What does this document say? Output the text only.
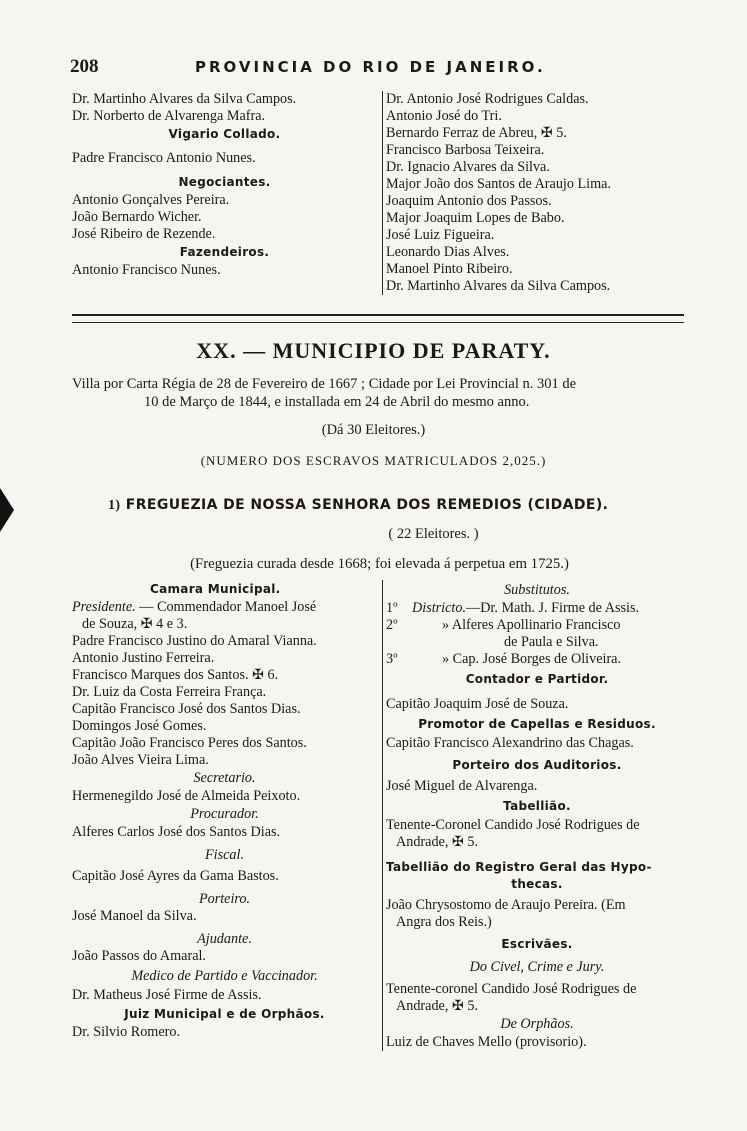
208	PROVINCIA DO RIO DE JANEIRO.
Dr. Martinho Alvares da Silva Campos.
Dr. Norberto de Alvarenga Mafra.
Vigario Collado.
Padre Francisco Antonio Nunes.
Negociantes.
Antonio Gonçalves Pereira.
João Bernardo Wicher.
José Ribeiro de Rezende.
Fazendeiros.
Antonio Francisco Nunes.
Dr. Antonio José Rodrigues Caldas.
Antonio José do Tri.
Bernardo Ferraz de Abreu, ✠ 5.
Francisco Barbosa Teixeira.
Dr. Ignacio Alvares da Silva.
Major João dos Santos de Araujo Lima.
Joaquim Antonio dos Passos.
Major Joaquim Lopes de Babo.
José Luiz Figueira.
Leonardo Dias Alves.
Manoel Pinto Ribeiro.
Dr. Martinho Alvares da Silva Campos.
XX. — MUNICIPIO DE PARATY.
Villa por Carta Régia de 28 de Fevereiro de 1667 ; Cidade por Lei Provincial n. 301 de
10 de Março de 1844, e installada em 24 de Abril do mesmo anno.
(Dá 30 Eleitores.)
(NUMERO DOS ESCRAVOS MATRICULADOS 2,025.)
1) FREGUEZIA DE NOSSA SENHORA DOS REMEDIOS (CIDADE).
( 22 Eleitores. )
(Freguezia curada desde 1668; foi elevada á perpetua em 1725.)
Camara Municipal.
Presidente. — Commendador Manoel José
de Souza, ✠ 4 e 3.
Padre Francisco Justino do Amaral Vianna.
Antonio Justino Ferreira.
Francisco Marques dos Santos. ✠ 6.
Dr. Luiz da Costa Ferreira França.
Capitão Francisco José dos Santos Dias.
Domingos José Gomes.
Capitão João Francisco Peres dos Santos.
João Alves Vieira Lima.
Secretario.
Hermenegildo José de Almeida Peixoto.
Procurador.
Alferes Carlos José dos Santos Dias.
Fiscal.
Capitão José Ayres da Gama Bastos.
Porteiro.
José Manoel da Silva.
Ajudante.
João Passos do Amaral.
Medico de Partido e Vaccinador.
Dr. Matheus José Firme de Assis.
Juiz Municipal e de Orphãos.
Dr. Silvio Romero.
Substitutos.
1º	Districto. —Dr. Math. J. Firme de Assis.
2º	» Alferes Apollinario Francisco
de Paula e Silva.
3º	» Cap. José Borges de Oliveira.
Contador e Partidor.
Capitão Joaquim José de Souza.
Promotor de Capellas e Residuos.
Capitão Francisco Alexandrino das Chagas.
Porteiro dos Auditorios.
José Miguel de Alvarenga.
Tabellião.
Tenente-Coronel Candido José Rodrigues de
Andrade, ✠ 5.
Tabellião do Registro Geral das Hypo-
thecas.
João Chrysostomo de Araujo Pereira. (Em
Angra dos Reis.)
Escrivães.
Do Civel, Crime e Jury.
Tenente-coronel Candido José Rodrigues de
Andrade, ✠ 5.
De Orphãos.
Luiz de Chaves Mello (provisorio).
